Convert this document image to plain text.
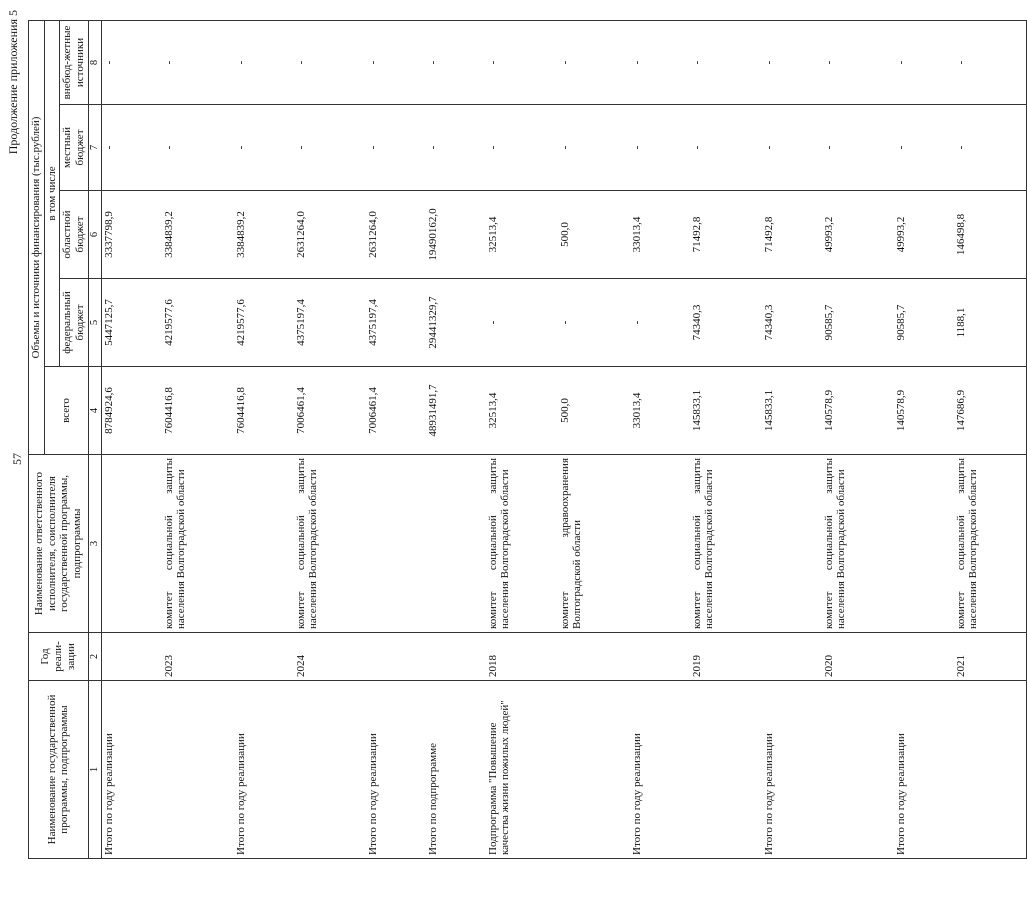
57
Продолжение приложения 5
Наименование государственной программы, подпрограммы	Год реали-зации	Наименование ответственного исполнителя, соисполнителя государственной программы, подпрограммы	Объемы и источники финансирования (тыс.рублей)				
			всего	в том числе			
				федеральный бюджет	областной бюджет	местный бюджет	внебюд-жетные источники
1	2	3	4	5	6	7	8
Итого по году реализации			8784924,6	5447125,7	3337798,9	-	-
	2023	комитет социальной защиты населения Волгоградской области	7604416,8	4219577,6	3384839,2	-	-
Итого по году реализации			7604416,8	4219577,6	3384839,2	-	-
	2024	комитет социальной защиты населения Волгоградской области	7006461,4	4375197,4	2631264,0	-	-
Итого по году реализации			7006461,4	4375197,4	2631264,0	-	-
Итого по подпрограмме			48931491,7	29441329,7	19490162,0	-	-
Подпрограмма "Повышение качества жизни пожилых людей"	2018	комитет социальной защиты населения Волгоградской области	32513,4	-	32513,4	-	-
		комитет здравоохранения Волгоградской области	500,0	-	500,0	-	-
Итого по году реализации			33013,4	-	33013,4	-	-
	2019	комитет социальной защиты населения Волгоградской области	145833,1	74340,3	71492,8	-	-
Итого по году реализации			145833,1	74340,3	71492,8	-	-
	2020	комитет социальной защиты населения Волгоградской области	140578,9	90585,7	49993,2	-	-
Итого по году реализации			140578,9	90585,7	49993,2	-	-
	2021	комитет социальной защиты населения Волгоградской области	147686,9	1188,1	146498,8	-	-
